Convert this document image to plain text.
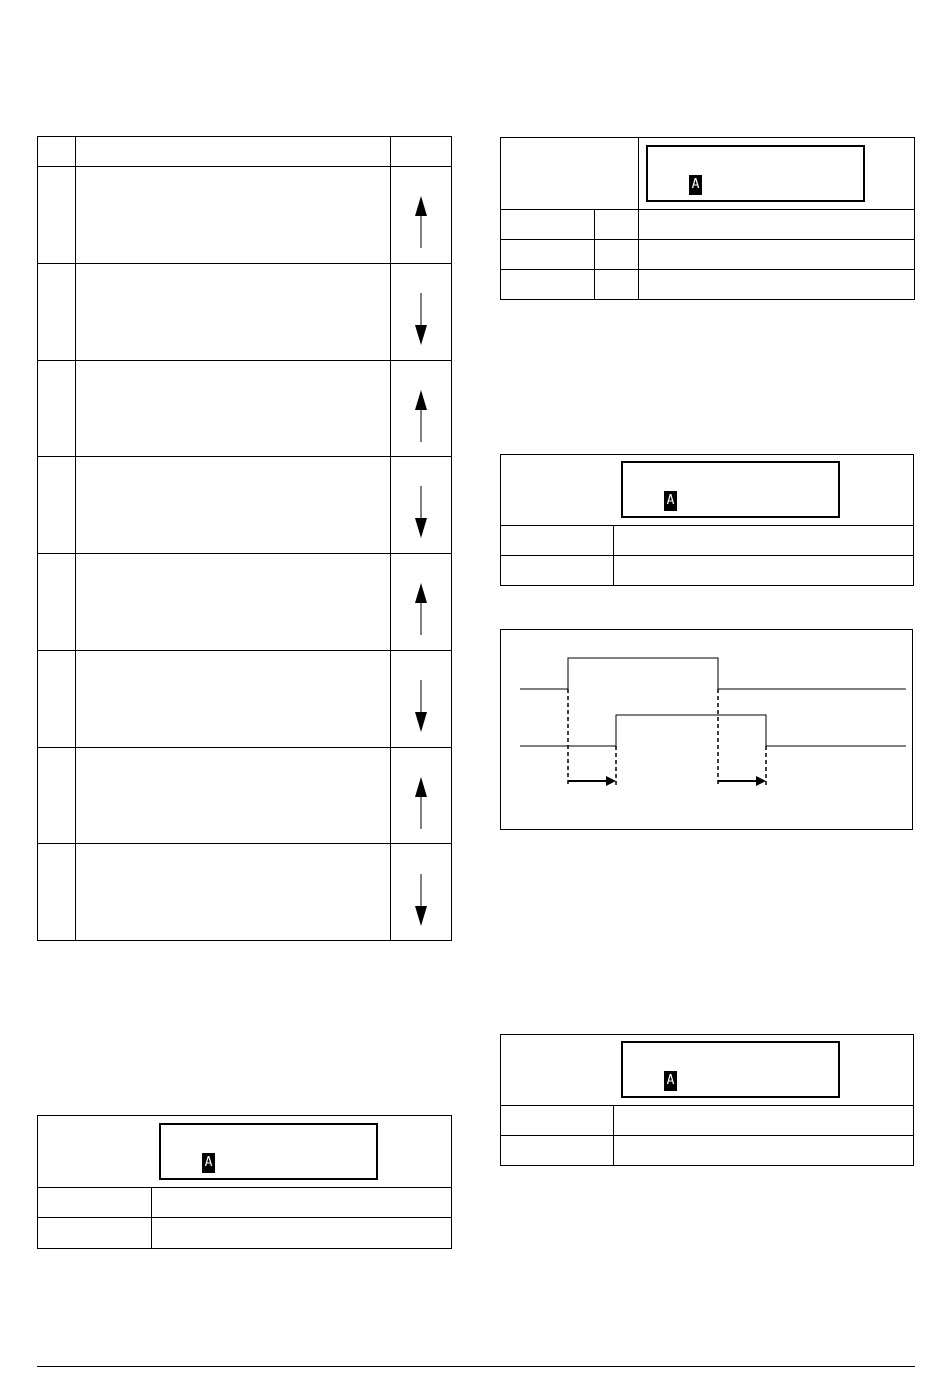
A
A
A
A
